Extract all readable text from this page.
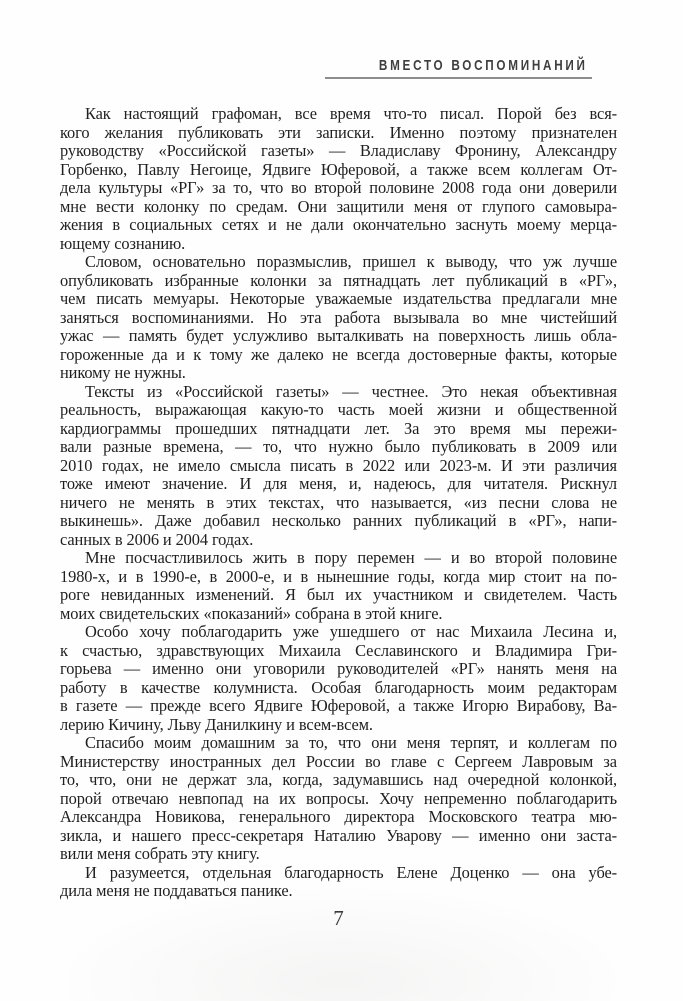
ВМЕСТО ВОСПОМИНАНИЙ
Как настоящий графоман, все время что-то писал. Порой без вся-
кого желания публиковать эти записки. Именно поэтому признателен
руководству «Российской газеты» — Владиславу Фронину, Александру
Горбенко, Павлу Негоице, Ядвиге Юферовой, а также всем коллегам От-
дела культуры «РГ» за то, что во второй половине 2008 года они доверили
мне вести колонку по средам. Они защитили меня от глупого самовыра-
жения в социальных сетях и не дали окончательно заснуть моему мерца-
ющему сознанию.
Словом, основательно поразмыслив, пришел к выводу, что уж лучше
опубликовать избранные колонки за пятнадцать лет публикаций в «РГ»,
чем писать мемуары. Некоторые уважаемые издательства предлагали мне
заняться воспоминаниями. Но эта работа вызывала во мне чистейший
ужас — память будет услужливо выталкивать на поверхность лишь обла-
гороженные да и к тому же далеко не всегда достоверные факты, которые
никому не нужны.
Тексты из «Российской газеты» — честнее. Это некая объективная
реальность, выражающая какую-то часть моей жизни и общественной
кардиограммы прошедших пятнадцати лет. За это время мы пережи-
вали разные времена, — то, что нужно было публиковать в 2009 или
2010 годах, не имело смысла писать в 2022 или 2023-м. И эти различия
тоже имеют значение. И для меня, и, надеюсь, для читателя. Рискнул
ничего не менять в этих текстах, что называется, «из песни слова не
выкинешь». Даже добавил несколько ранних публикаций в «РГ», напи-
санных в 2006 и 2004 годах.
Мне посчастливилось жить в пору перемен — и во второй половине
1980-х, и в 1990-е, в 2000-е, и в нынешние годы, когда мир стоит на по-
роге невиданных изменений. Я был их участником и свидетелем. Часть
моих свидетельских «показаний» собрана в этой книге.
Особо хочу поблагодарить уже ушедшего от нас Михаила Лесина и,
к счастью, здравствующих Михаила Сеславинского и Владимира Гри-
горьева — именно они уговорили руководителей «РГ» нанять меня на
работу в качестве колумниста. Особая благодарность моим редакторам
в газете — прежде всего Ядвиге Юферовой, а также Игорю Вирабову, Ва-
лерию Кичину, Льву Данилкину и всем-всем.
Спасибо моим домашним за то, что они меня терпят, и коллегам по
Министерству иностранных дел России во главе с Сергеем Лавровым за
то, что, они не держат зла, когда, задумавшись над очередной колонкой,
порой отвечаю невпопад на их вопросы. Хочу непременно поблагодарить
Александра Новикова, генерального директора Московского театра мю-
зикла, и нашего пресс-секретаря Наталию Уварову — именно они заста-
вили меня собрать эту книгу.
И разумеется, отдельная благодарность Елене Доценко — она убе-
дила меня не поддаваться панике.
7
